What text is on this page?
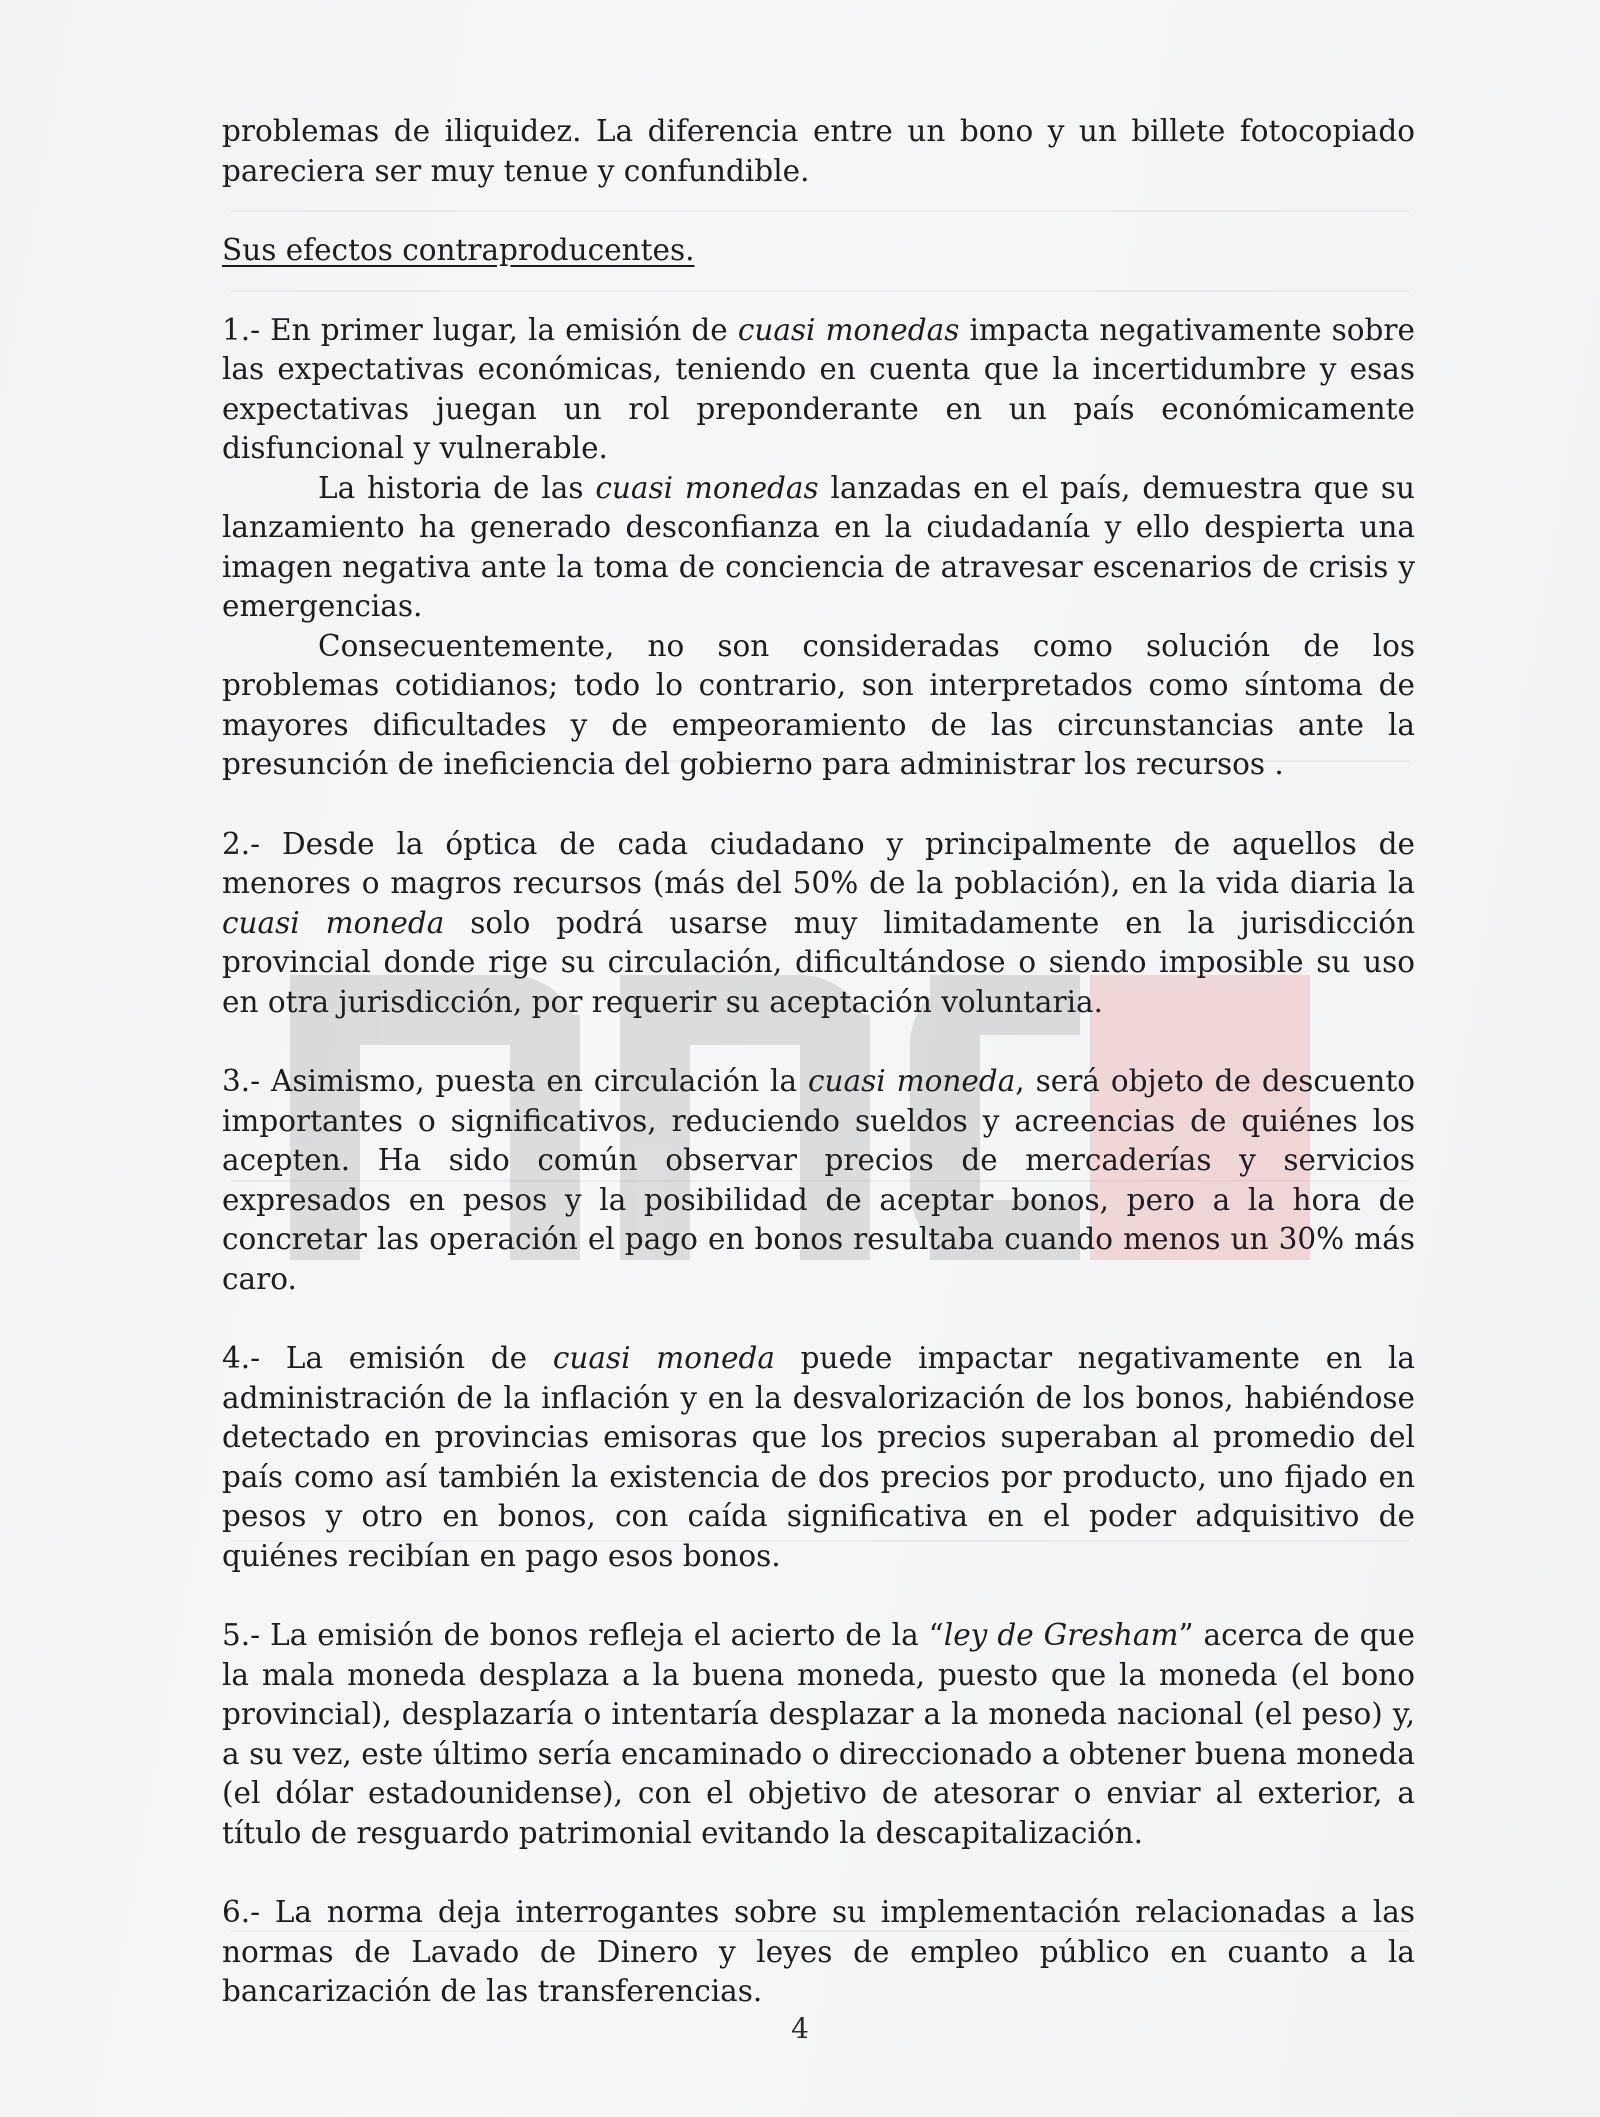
problemas de iliquidez. La diferencia entre un bono y un billete fotocopiado pareciera ser muy tenue y confundible.

Sus efectos contraproducentes.

1.- En primer lugar, la emisión de cuasi monedas impacta negativamente sobre las expectativas económicas, teniendo en cuenta que la incertidumbre y esas expectativas juegan un rol preponderante en un país económicamente disfuncional y vulnerable.

La historia de las cuasi monedas lanzadas en el país, demuestra que su lanzamiento ha generado desconfianza en la ciudadanía y ello despierta una imagen negativa ante la toma de conciencia de atravesar escenarios de crisis y emergencias.

Consecuentemente, no son consideradas como solución de los problemas cotidianos; todo lo contrario, son interpretados como síntoma de mayores dificultades y de empeoramiento de las circunstancias ante la presunción de ineficiencia del gobierno para administrar los recursos .

2.- Desde la óptica de cada ciudadano y principalmente de aquellos de menores o magros recursos (más del 50% de la población), en la vida diaria la cuasi moneda solo podrá usarse muy limitadamente en la jurisdicción provincial donde rige su circulación, dificultándose o siendo imposible su uso en otra jurisdicción, por requerir su aceptación voluntaria.

3.- Asimismo, puesta en circulación la cuasi moneda, será objeto de descuento importantes o significativos, reduciendo sueldos y acreencias de quiénes los acepten. Ha sido común observar precios de mercaderías y servicios expresados en pesos y la posibilidad de aceptar bonos, pero a la hora de concretar las operación el pago en bonos resultaba cuando menos un 30% más caro.

4.- La emisión de cuasi moneda puede impactar negativamente en la administración de la inflación y en la desvalorización de los bonos, habiéndose detectado en provincias emisoras que los precios superaban al promedio del país como así también la existencia de dos precios por producto, uno fijado en pesos y otro en bonos, con caída significativa en el poder adquisitivo de quiénes recibían en pago esos bonos.

5.- La emisión de bonos refleja el acierto de la “ley de Gresham” acerca de que la mala moneda desplaza a la buena moneda, puesto que la moneda (el bono provincial), desplazaría o intentaría desplazar a la moneda nacional (el peso) y, a su vez, este último sería encaminado o direccionado a obtener buena moneda (el dólar estadounidense), con el objetivo de atesorar o enviar al exterior, a título de resguardo patrimonial evitando la descapitalización.

6.- La norma deja interrogantes sobre su implementación relacionadas a las normas de Lavado de Dinero y leyes de empleo público en cuanto a la bancarización de las transferencias.

4
